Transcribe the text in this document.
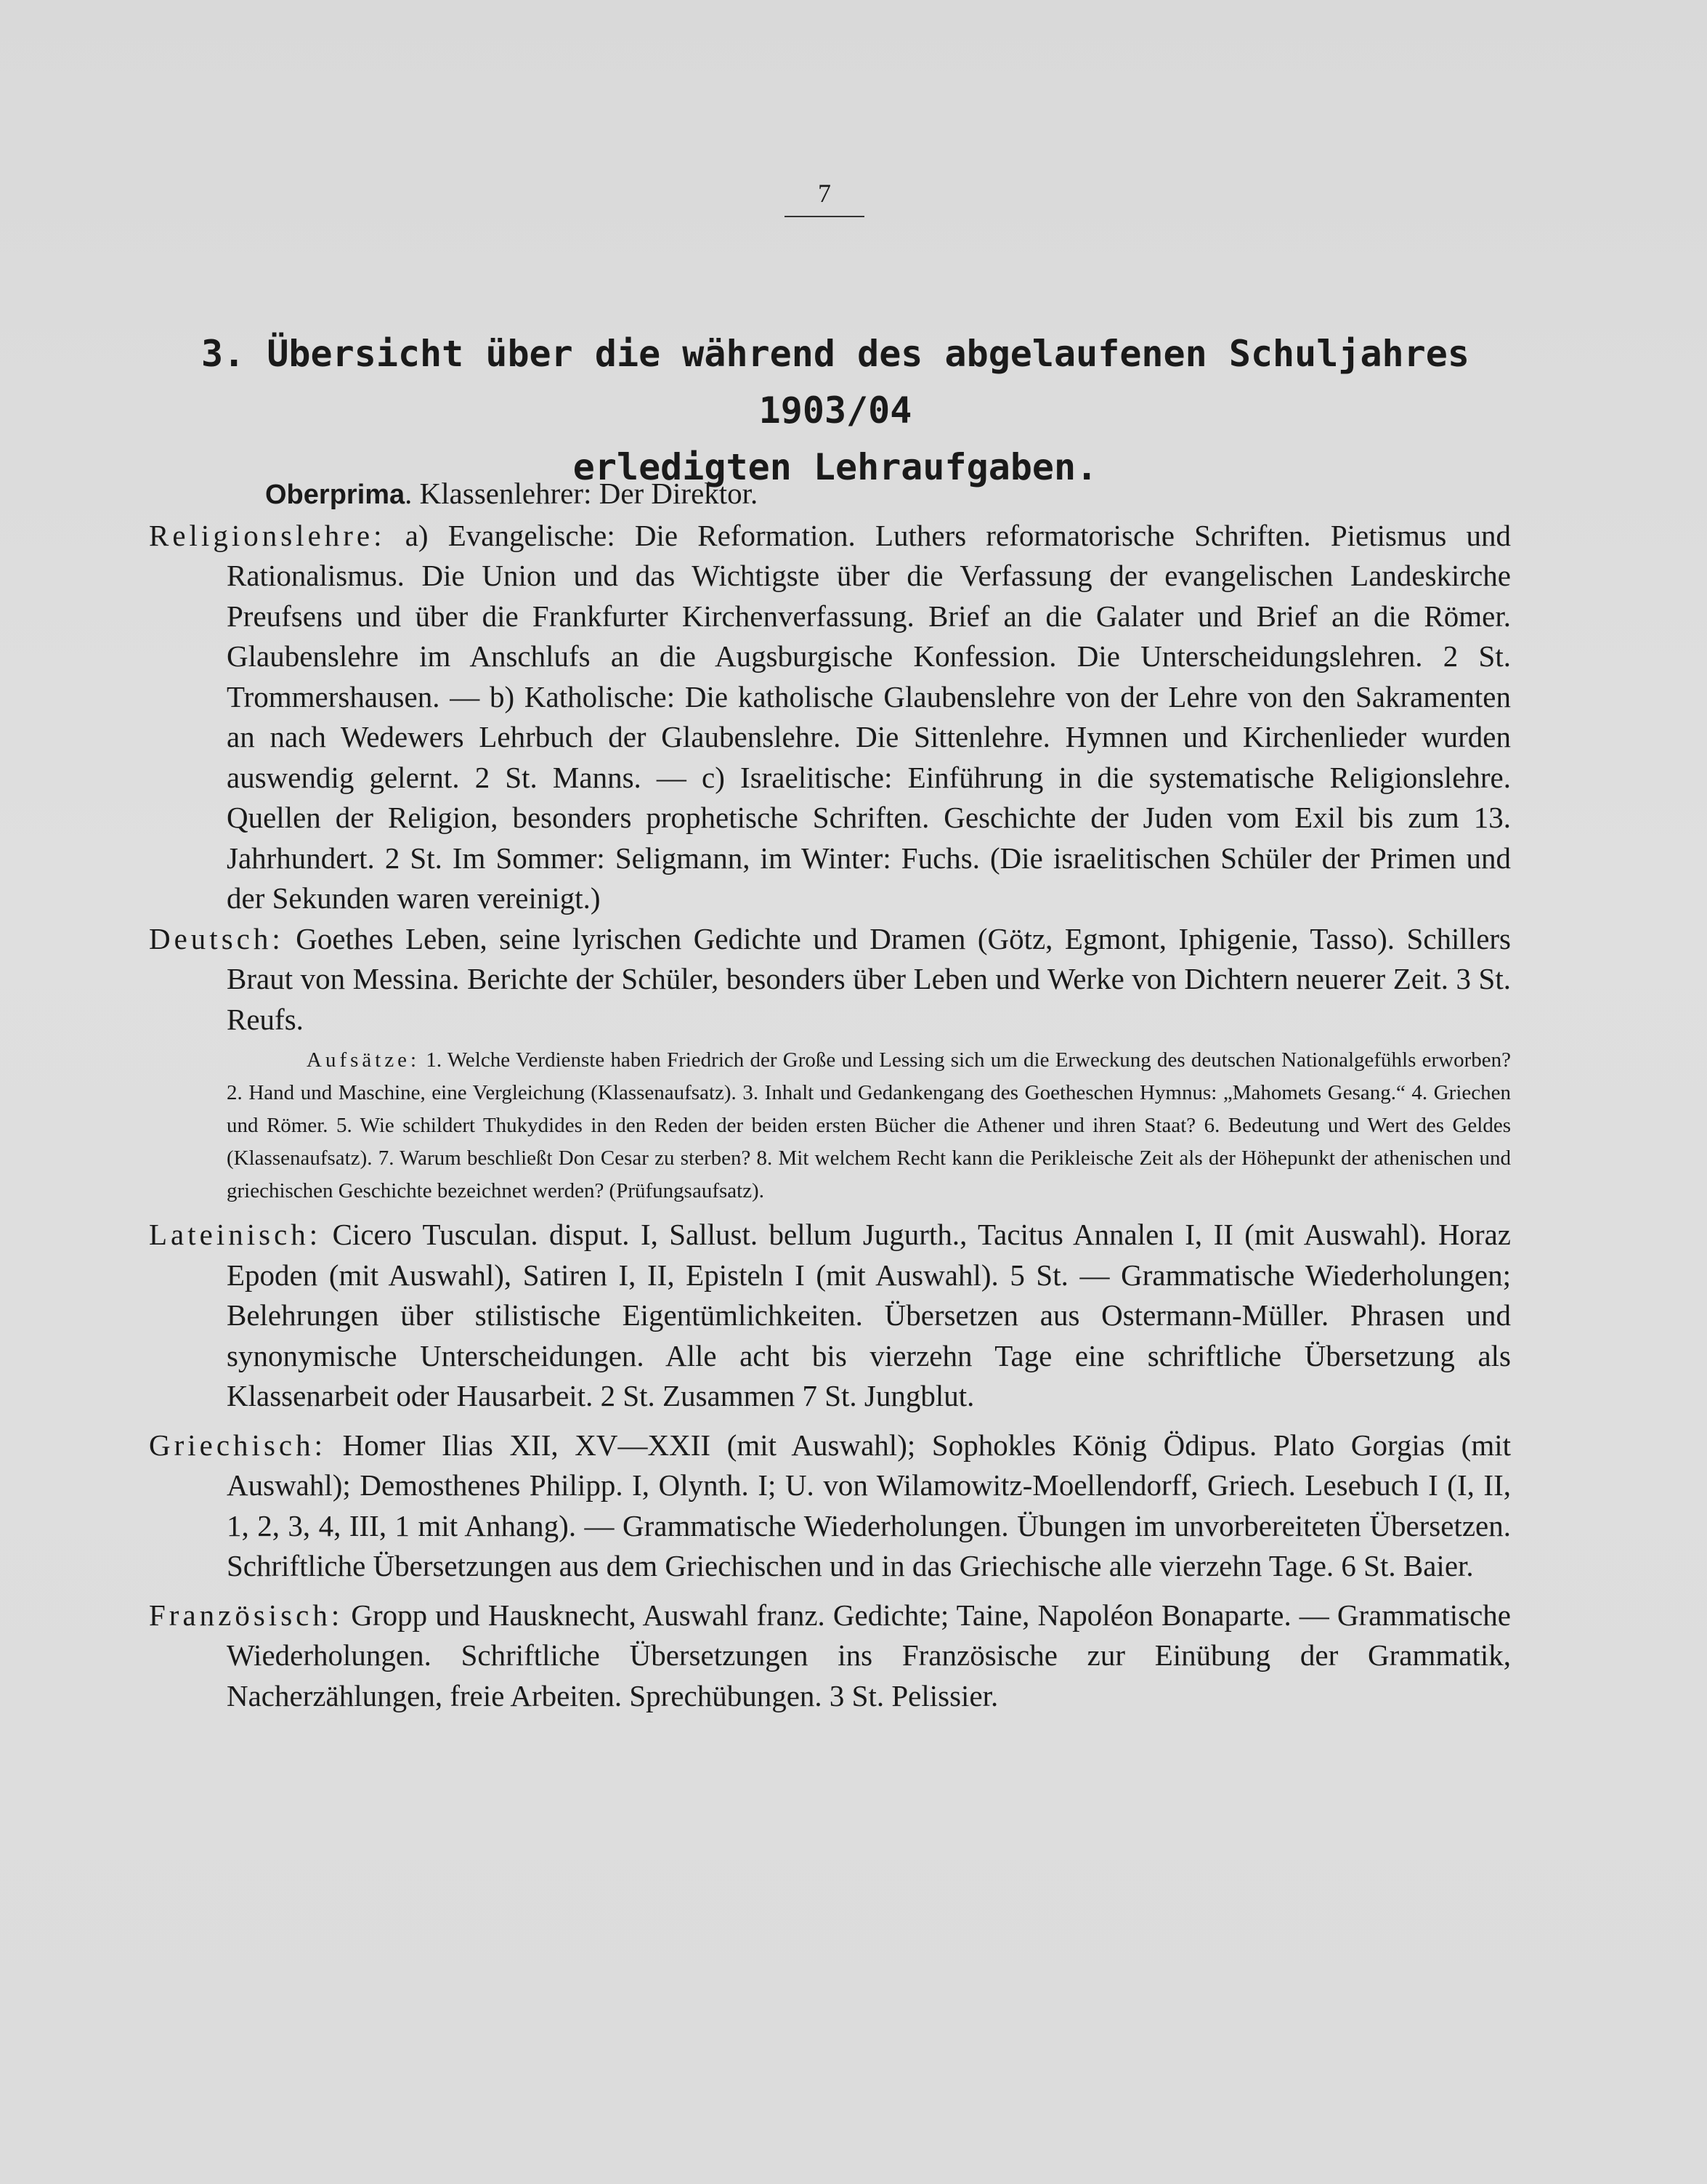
7
3. Übersicht über die während des abgelaufenen Schuljahres 1903/04
erledigten Lehraufgaben.

Oberprima. Klassenlehrer: Der Direktor.

Religionslehre: a) Evangelische: Die Reformation. Luthers reformatorische Schriften. Pietismus und Rationalismus. Die Union und das Wichtigste über die Verfassung der evangelischen Landeskirche Preufsens und über die Frankfurter Kirchenverfassung. Brief an die Galater und Brief an die Römer. Glaubenslehre im Anschlufs an die Augsburgische Konfession. Die Unterscheidungslehren. 2 St. Trommershausen. — b) Katholische: Die katholische Glaubenslehre von der Lehre von den Sakramenten an nach Wedewers Lehrbuch der Glaubenslehre. Die Sittenlehre. Hymnen und Kirchenlieder wurden auswendig gelernt. 2 St. Manns. — c) Israelitische: Einführung in die systematische Religionslehre. Quellen der Religion, besonders prophetische Schriften. Geschichte der Juden vom Exil bis zum 13. Jahrhundert. 2 St. Im Sommer: Seligmann, im Winter: Fuchs. (Die israelitischen Schüler der Primen und der Sekunden waren vereinigt.)

Deutsch: Goethes Leben, seine lyrischen Gedichte und Dramen (Götz, Egmont, Iphigenie, Tasso). Schillers Braut von Messina. Berichte der Schüler, besonders über Leben und Werke von Dichtern neuerer Zeit. 3 St. Reufs.

Aufsätze: 1. Welche Verdienste haben Friedrich der Große und Lessing sich um die Erweckung des deutschen Nationalgefühls erworben? 2. Hand und Maschine, eine Vergleichung (Klassenaufsatz). 3. Inhalt und Gedankengang des Goetheschen Hymnus: „Mahomets Gesang.“ 4. Griechen und Römer. 5. Wie schildert Thukydides in den Reden der beiden ersten Bücher die Athener und ihren Staat? 6. Bedeutung und Wert des Geldes (Klassenaufsatz). 7. Warum beschließt Don Cesar zu sterben? 8. Mit welchem Recht kann die Perikleische Zeit als der Höhepunkt der athenischen und griechischen Geschichte bezeichnet werden? (Prüfungsaufsatz).

Lateinisch: Cicero Tusculan. disput. I, Sallust. bellum Jugurth., Tacitus Annalen I, II (mit Auswahl). Horaz Epoden (mit Auswahl), Satiren I, II, Episteln I (mit Auswahl). 5 St. — Grammatische Wiederholungen; Belehrungen über stilistische Eigentümlichkeiten. Übersetzen aus Ostermann-Müller. Phrasen und synonymische Unterscheidungen. Alle acht bis vierzehn Tage eine schriftliche Übersetzung als Klassenarbeit oder Hausarbeit. 2 St. Zusammen 7 St. Jungblut.

Griechisch: Homer Ilias XII, XV—XXII (mit Auswahl); Sophokles König Ödipus. Plato Gorgias (mit Auswahl); Demosthenes Philipp. I, Olynth. I; U. von Wilamowitz-Moellendorff, Griech. Lesebuch I (I, II, 1, 2, 3, 4, III, 1 mit Anhang). — Grammatische Wiederholungen. Übungen im unvorbereiteten Übersetzen. Schriftliche Übersetzungen aus dem Griechischen und in das Griechische alle vierzehn Tage. 6 St. Baier.

Französisch: Gropp und Hausknecht, Auswahl franz. Gedichte; Taine, Napoléon Bonaparte. — Grammatische Wiederholungen. Schriftliche Übersetzungen ins Französische zur Einübung der Grammatik, Nacherzählungen, freie Arbeiten. Sprechübungen. 3 St. Pelissier.
